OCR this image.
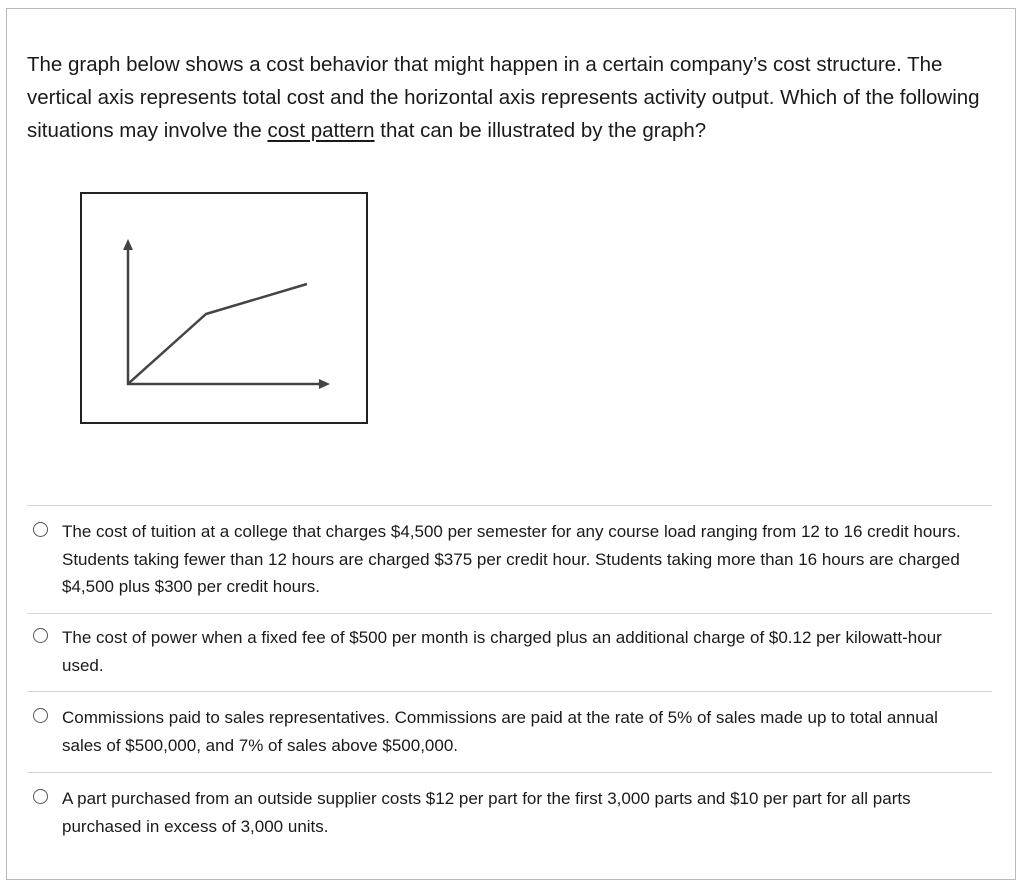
The graph below shows a cost behavior that might happen in a certain company’s cost structure. The vertical axis represents total cost and the horizontal axis represents activity output. Which of the following situations may involve the cost pattern that can be illustrated by the graph?
The cost of tuition at a college that charges $4,500 per semester for any course load ranging from 12 to 16 credit hours. Students taking fewer than 12 hours are charged $375 per credit hour. Students taking more than 16 hours are charged $4,500 plus $300 per credit hours.
The cost of power when a fixed fee of $500 per month is charged plus an additional charge of $0.12 per kilowatt-hour used.
Commissions paid to sales representatives. Commissions are paid at the rate of 5% of sales made up to total annual sales of $500,000, and 7% of sales above $500,000.
A part purchased from an outside supplier costs $12 per part for the first 3,000 parts and $10 per part for all parts purchased in excess of 3,000 units.
